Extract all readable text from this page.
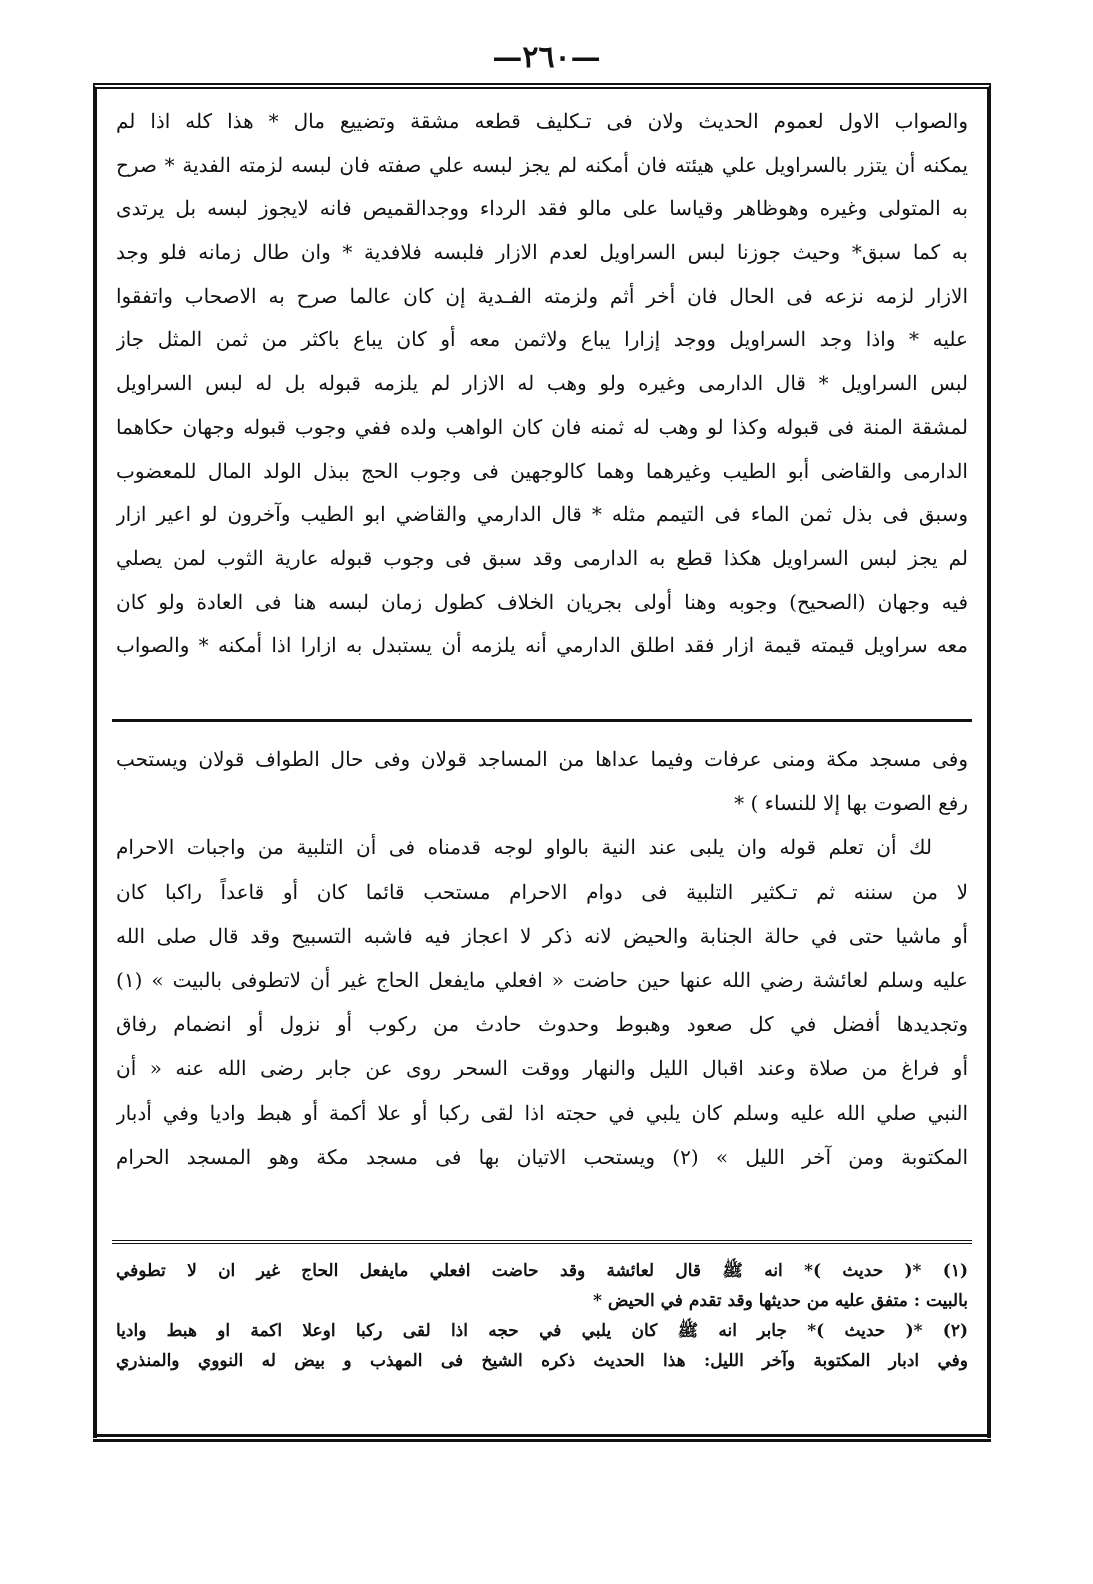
—٢٦٠—
والصواب الاول لعموم الحديث ولان فى تـكليف قطعه مشقة وتضييع مال * هذا كله اذا لم
يمكنه أن يتزر بالسراويل علي هيئته فان أمكنه لم يجز لبسه علي صفته فان لبسه لزمته الفدية * صرح
به المتولى وغيره وهوظاهر وقياسا على مالو فقد الرداء ووجدالقميص فانه لايجوز لبسه بل يرتدى
به كما سبق* وحيث جوزنا لبس السراويل لعدم الازار فلبسه فلافدية * وان طال زمانه فلو وجد
الازار لزمه نزعه فى الحال فان أخر أثم ولزمته الفـدية إن كان عالما صرح به الاصحاب واتفقوا
عليه * واذا وجد السراويل ووجد إزارا يباع ولاثمن معه أو كان يباع باكثر من ثمن المثل جاز
لبس السراويل * قال الدارمى وغيره ولو وهب له الازار لم يلزمه قبوله بل له لبس السراويل
لمشقة المنة فى قبوله وكذا لو وهب له ثمنه فان كان الواهب ولده ففي وجوب قبوله وجهان حكاهما
الدارمى والقاضى أبو الطيب وغيرهما وهما كالوجهين فى وجوب الحج ببذل الولد المال للمعضوب
وسبق فى بذل ثمن الماء فى التيمم مثله * قال الدارمي والقاضي ابو الطيب وآخرون لو اعير ازار
لم يجز لبس السراويل هكذا قطع به الدارمى وقد سبق فى وجوب قبوله عارية الثوب لمن يصلي
فيه وجهان (الصحيح) وجوبه وهنا أولى بجريان الخلاف كطول زمان لبسه هنا فى العادة ولو كان
معه سراويل قيمته قيمة ازار فقد اطلق الدارمي أنه يلزمه أن يستبدل به ازارا اذا أمكنه * والصواب
وفى مسجد مكة ومنى عرفات وفيما عداها من المساجد قولان وفى حال الطواف قولان ويستحب
رفع الصوت بها إلا للنساء ) *
لك أن تعلم قوله وان يلبى عند النية بالواو لوجه قدمناه فى أن التلبية من واجبات الاحرام
لا من سننه ثم تـكثير التلبية فى دوام الاحرام مستحب قائما كان أو قاعداً راكبا كان
أو ماشيا حتى في حالة الجنابة والحيض لانه ذكر لا اعجاز فيه فاشبه التسبيح وقد قال صلى الله
عليه وسلم لعائشة رضي الله عنها حين حاضت « افعلي مايفعل الحاج غير أن لاتطوفى بالبيت » (١)
وتجديدها أفضل في كل صعود وهبوط وحدوث حادث من ركوب أو نزول أو انضمام رفاق
أو فراغ من صلاة وعند اقبال الليل والنهار ووقت السحر روى عن جابر رضى الله عنه « أن
النبي صلي الله عليه وسلم كان يلبي في حجته اذا لقى ركبا أو علا أكمة أو هبط واديا وفي أدبار
المكتوبة ومن آخر الليل » (٢) ويستحب الاتيان بها فى مسجد مكة وهو المسجد الحرام
(١) *( حديث )* انه ﷺ قال لعائشة وقد حاضت افعلي مايفعل الحاج غير ان لا تطوفي
بالبيت : متفق عليه من حديثها وقد تقدم في الحيض *
(٢) *( حديث )* جابر انه ﷺ كان يلبي في حجه اذا لقى ركبا اوعلا اكمة او هبط واديا
وفي ادبار المكتوبة وآخر الليل: هذا الحديث ذكره الشيخ فى المهذب و بيض له النووي والمنذري
